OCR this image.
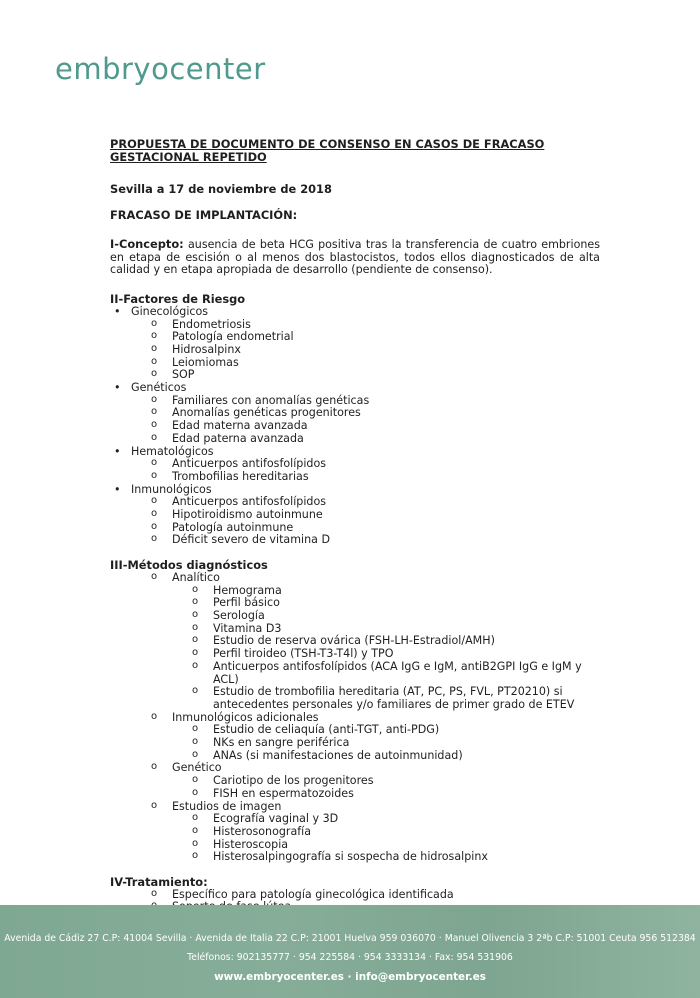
embryocenter
PROPUESTA DE DOCUMENTO DE CONSENSO EN CASOS DE FRACASO GESTACIONAL REPETIDO
Sevilla a 17 de noviembre de 2018
FRACASO DE IMPLANTACIÓN:
I-Concepto: ausencia de beta HCG positiva tras la transferencia de cuatro embriones en etapa de escisión o al menos dos blastocistos, todos ellos diagnosticados de alta calidad y en etapa apropiada de desarrollo (pendiente de consenso).
II-Factores de Riesgo
• Ginecológicos
o Endometriosis
o Patología endometrial
o Hidrosalpinx
o Leiomiomas
o SOP
• Genéticos
o Familiares con anomalías genéticas
o Anomalías genéticas progenitores
o Edad materna avanzada
o Edad paterna avanzada
• Hematológicos
o Anticuerpos antifosfolípidos
o Trombofilias hereditarias
• Inmunológicos
o Anticuerpos antifosfolípidos
o Hipotiroidismo autoinmune
o Patología autoinmune
o Déficit severo de vitamina D
III-Métodos diagnósticos
o Analítico
o Hemograma
o Perfil básico
o Serología
o Vitamina D3
o Estudio de reserva ovárica (FSH-LH-Estradiol/AMH)
o Perfil tiroideo (TSH-T3-T4l) y TPO
o Anticuerpos antifosfolípidos (ACA IgG e IgM, antiB2GPI IgG e IgM y ACL)
o Estudio de trombofilia hereditaria (AT, PC, PS, FVL, PT20210) si antecedentes personales y/o familiares de primer grado de ETEV
o Inmunológicos adicionales
o Estudio de celiaquía (anti-TGT, anti-PDG)
o NKs en sangre periférica
o ANAs (si manifestaciones de autoinmunidad)
o Genético
o Cariotipo de los progenitores
o FISH en espermatozoides
o Estudios de imagen
o Ecografía vaginal y 3D
o Histerosonografía
o Histeroscopia
o Histerosalpingografía si sospecha de hidrosalpinx
IV-Tratamiento:
o Específico para patología ginecológica identificada
o
Avenida de Cádiz 27 C.P: 41004 Sevilla · Avenida de Italia 22 C.P: 21001 Huelva 959 036070 · Manuel Olivencia 3 2ªb C.P: 51001 Ceuta 956 512384
Teléfonos: 902135777 · 954 225584 · 954 3333134 · Fax: 954 531906
www.embryocenter.es · info@embryocenter.es
